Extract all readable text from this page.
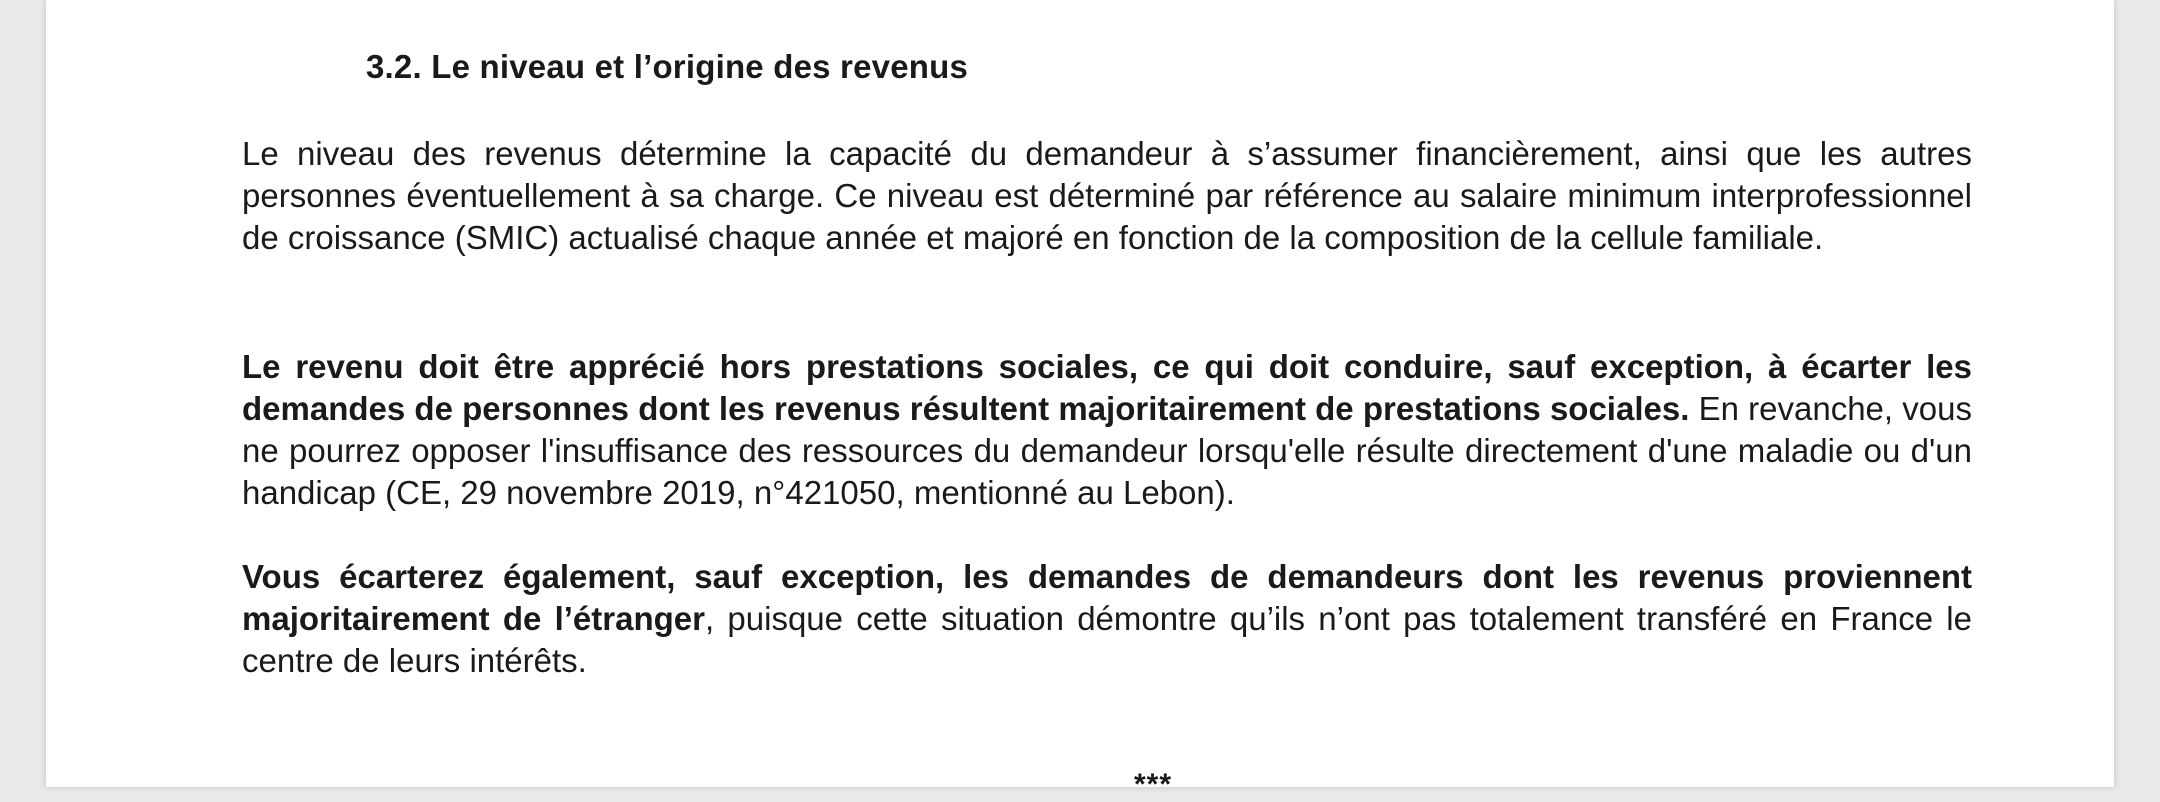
3.2. Le niveau et l’origine des revenus

Le niveau des revenus détermine la capacité du demandeur à s’assumer financièrement, ainsi que les autres personnes éventuellement à sa charge. Ce niveau est déterminé par référence au salaire minimum interprofessionnel de croissance (SMIC) actualisé chaque année et majoré en fonction de la composition de la cellule familiale.

Le revenu doit être apprécié hors prestations sociales, ce qui doit conduire, sauf exception, à écarter les demandes de personnes dont les revenus résultent majoritairement de prestations sociales. En revanche, vous ne pourrez opposer l'insuffisance des ressources du demandeur lorsqu'elle résulte directement d'une maladie ou d'un handicap (CE, 29 novembre 2019, n°421050, mentionné au Lebon).

Vous écarterez également, sauf exception, les demandes de demandeurs dont les revenus proviennent majoritairement de l’étranger, puisque cette situation démontre qu’ils n’ont pas totalement transféré en France le centre de leurs intérêts.

***
